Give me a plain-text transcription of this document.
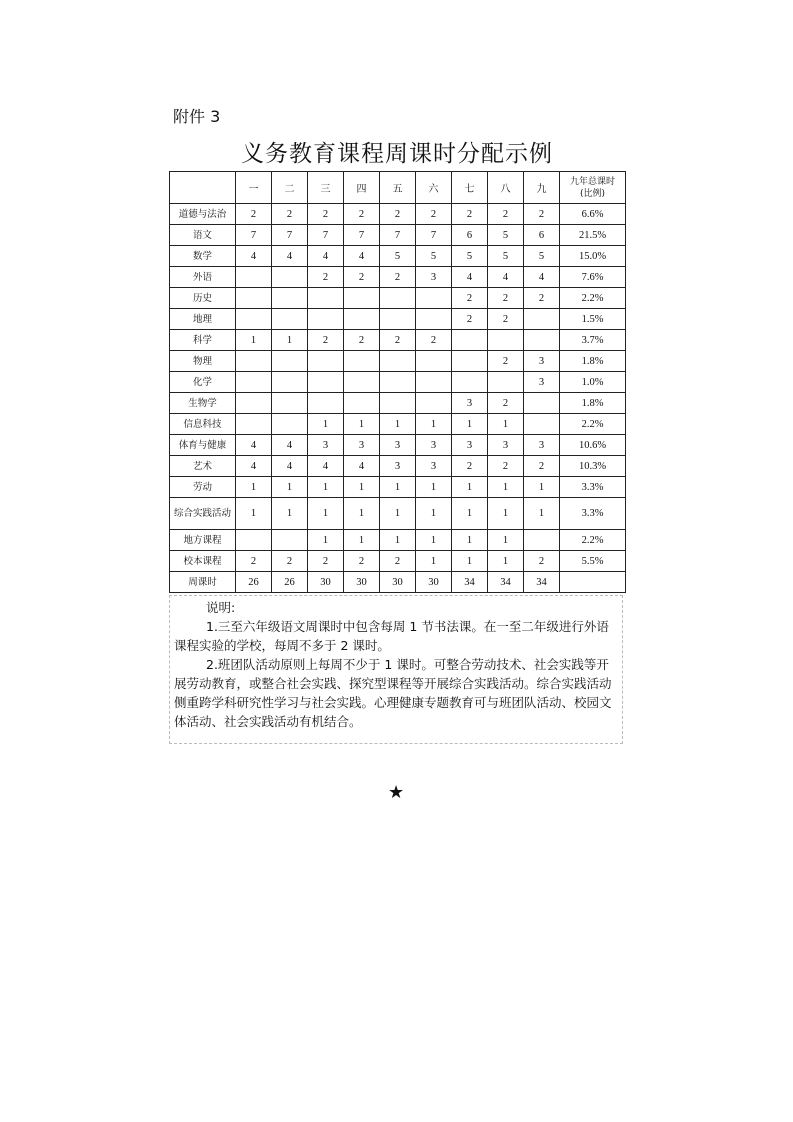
附件 3
义务教育课程周课时分配示例
	一	二	三	四	五	六	七	八	九	九年总课时
(比例)

道德与法治	2	2	2	2	2	2	2	2	2	6.6%
语文	7	7	7	7	7	7	6	5	6	21.5%
数学	4	4	4	4	5	5	5	5	5	15.0%
外语			2	2	2	3	4	4	4	7.6%
历史							2	2	2	2.2%
地理							2	2		1.5%
科学	1	1	2	2	2	2				3.7%
物理								2	3	1.8%
化学									3	1.0%
生物学							3	2		1.8%
信息科技			1	1	1	1	1	1		2.2%
体育与健康	4	4	3	3	3	3	3	3	3	10.6%
艺术	4	4	4	4	3	3	2	2	2	10.3%
劳动	1	1	1	1	1	1	1	1	1	3.3%
综合实践活动	1	1	1	1	1	1	1	1	1	3.3%
地方课程			1	1	1	1	1	1		2.2%
校本课程	2	2	2	2	2	1	1	1	2	5.5%
周课时	26	26	30	30	30	30	34	34	34	

说明:

1.三至六年级语文周课时中包含每周 1 节书法课。在一至二年级进行外语课程实验的学校，每周不多于 2 课时。

2.班团队活动原则上每周不少于 1 课时。可整合劳动技术、社会实践等开展劳动教育，或整合社会实践、探究型课程等开展综合实践活动。综合实践活动侧重跨学科研究性学习与社会实践。心理健康专题教育可与班团队活动、校园文体活动、社会实践活动有机结合。

★
